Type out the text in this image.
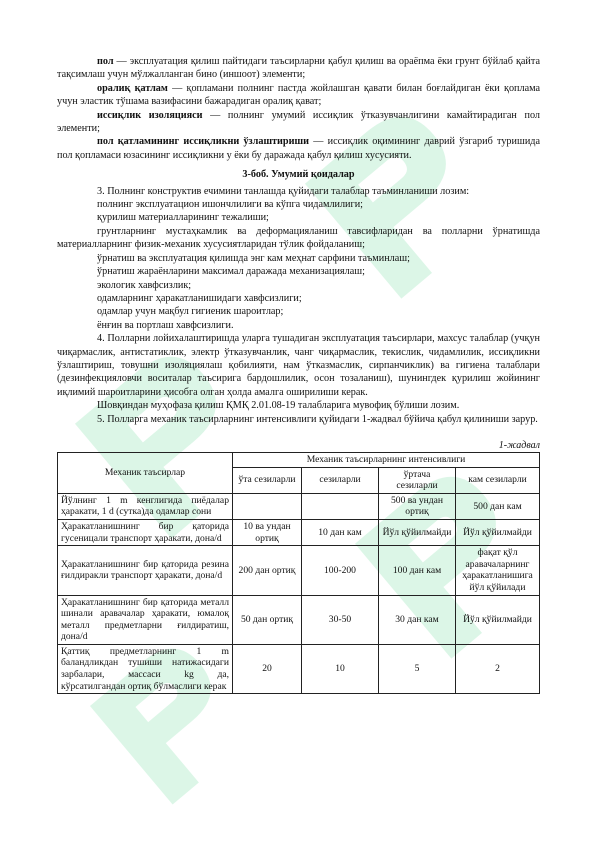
пол — эксплуатация қилиш пайтидаги таъсирларни қабул қилиш ва ораёпма ёки грунт бўйлаб қайта тақсимлаш учун мўлжалланган бино (иншоот) элементи;

оралиқ қатлам — қопламани полнинг пастда жойлашган қавати билан боғлайдиган ёки қоплама учун эластик тўшама вазифасини бажарадиган оралиқ қават;

иссиқлик изоляцияси — полнинг умумий иссиқлик ўтказувчанлигини камайтирадиган пол элементи;

пол қатламининг иссиқликни ўзлаштириши — иссиқлик оқимининг даврий ўзгариб туришида пол қопламаси юзасининг иссиқликни у ёки бу даражада қабул қилиш хусусияти.

3-боб. Умумий қоидалар

3. Полнинг конструктив ечимини танлашда қуйидаги талаблар таъминланиши лозим:

полнинг эксплуатацион ишончлилиги ва кўпга чидамлилиги;

қурилиш материалларининг тежалиши;

грунтларнинг мустаҳкамлик ва деформацияланиш тавсифларидан ва полларни ўрнатишда материалларнинг физик-механик хусусиятларидан тўлик фойдаланиш;

ўрнатиш ва эксплуатация қилишда энг кам меҳнат сарфини таъминлаш;

ўрнатиш жараёнларини максимал даражада механизациялаш;

экологик хавфсизлик;

одамларнинг ҳаракатланишидаги хавфсизлиги;

одамлар учун мақбул гигиеник шароитлар;

ёнғин ва портлаш хавфсизлиги.

4. Полларни лойихалаштиришда уларга тушадиган эксплуатация таъсирлари, махсус талаблар (учқун чиқармаслик, антистатиклик, электр ўтказувчанлик, чанг чиқармаслик, текислик, чидамлилик, иссиқликни ўзлаштириш, товушни изоляциялаш қобилияти, нам ўтказмаслик, сирпанчиклик) ва гигиена талаблари (дезинфекцияловчи воситалар таъсирига бардошлилик, осон тозаланиш), шунингдек қурилиш жойининг иқлимий шароитларини ҳисобга олган ҳолда амалга оширилиши керак.

Шовқиндан муҳофаза қилиш ҚМҚ 2.01.08-19 талабларига мувофиқ бўлиши лозим.

5. Полларга механик таъсирларнинг интенсивлиги қуйидаги 1-жадвал бўйича қабул қилиниши зарур.

1-жадвал

Механик таъсирлар	Механик таъсирларнинг интенсивлиги			
	ўта сезиларли	сезиларли	ўртача сезиларли	кам сезиларли
Йўлнинг 1 m кенглигида пиёдалар ҳаракати, 1 d (сутка)да одамлар сони			500 ва ундан ортиқ	500 дан кам
Ҳаракатланишнинг бир қаторида гусеницали транспорт ҳаракати, дона/d	10 ва ундан ортиқ	10 дан кам	Йўл қўйилмайди	Йўл қўйилмайди
Ҳаракатланишнинг бир қаторида резина ғилдиракли транспорт ҳаракати, дона/d	200 дан ортиқ	100-200	100 дан кам	фақат қўл аравачаларнинг ҳаракатланишига йўл қўйилади
Ҳаракатланишнинг бир қаторида металл шинали аравачалар ҳаракати, юмалоқ металл предметларни ғилдиратиш, дона/d	50 дан ортиқ	30-50	30 дан кам	Йўл қўйилмайди
Қаттиқ предметларнинг 1 m баландликдан тушиши натижасидаги зарбалари, массаси kg да, кўрсатилгандан ортиқ бўлмаслиги керак	20	10	5	2
